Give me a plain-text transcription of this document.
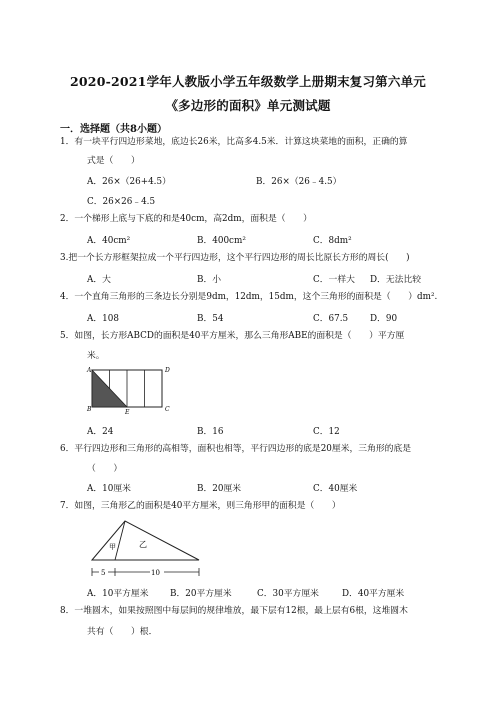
2020-2021学年人教版小学五年级数学上册期末复习第六单元
《多边形的面积》单元测试题
一．选择题（共8小题）
1．有一块平行四边形菜地，底边长26米，比高多4.5米．计算这块菜地的面积，正确的算
式是（　　）
A．26×（26+4.5）	B．26×（26﹣4.5）
C．26×26﹣4.5
2．一个梯形上底与下底的和是40cm，高2dm，面积是（　　）
A．40cm²	B．400cm²	C．8dm²
3.把一个长方形框架拉成一个平行四边形，这个平行四边形的周长比原长方形的周长(　　)
A．大	B．小	C．一样大 D．无法比较
4．一个直角三角形的三条边长分别是9dm，12dm，15dm，这个三角形的面积是（　　）dm².
A．108	B．54	C．67.5 D．90
5．如图，长方形ABCD的面积是40平方厘米，那么三角形ABE的面积是（　　）平方厘
米。
A	D
B	C
E
A．24	B．16	C．12
6．平行四边形和三角形的高相等，面积也相等，平行四边形的底是20厘米，三角形的底是
（　　）
A．10厘米	B．20厘米	C．40厘米
7．如图，三角形乙的面积是40平方厘米，则三角形甲的面积是（　　）
甲	乙
5	10
A．10平方厘米 B．20平方厘米	C．30平方厘米	D．40平方厘米
8．一堆圆木，如果按照图中每层间的规律堆放，最下层有12根，最上层有6根，这堆圆木
共有（　　）根．
